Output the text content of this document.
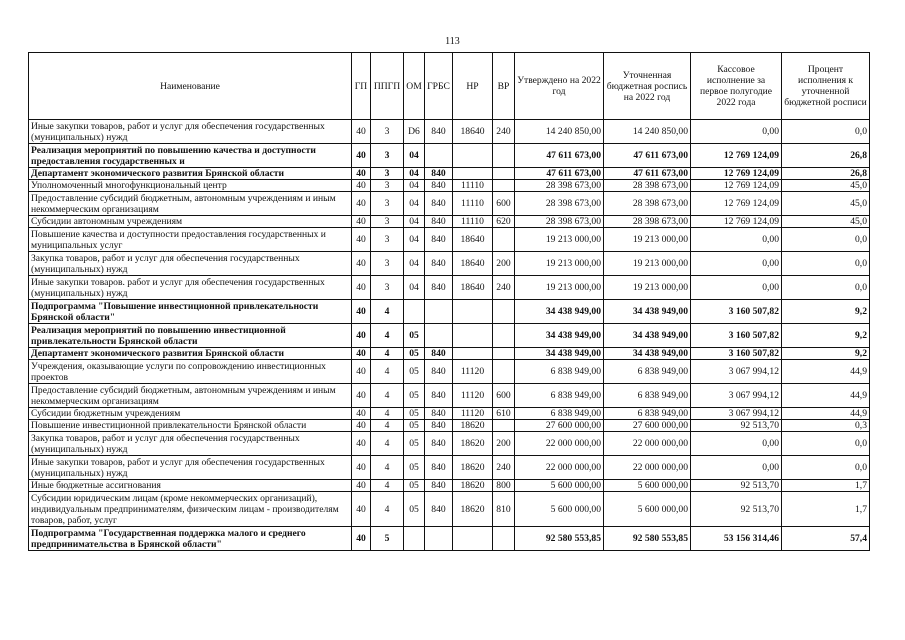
113
Наименование	ГП	ППГП	ОМ	ГРБС	НР	ВР	Утверждено на 2022 год	Уточненная бюджетная роспись на 2022 год	Кассовое исполнение за первое полугодие 2022 года	Процент исполнения к уточненной бюджетной росписи
Иные закупки товаров, работ и услуг для обеспечения государственных (муниципальных) нужд	40	3	D6	840	18640	240	14 240 850,00	14 240 850,00	0,00	0,0
Реализация мероприятий по повышению качества и доступности предоставления государственных и	40	3	04				47 611 673,00	47 611 673,00	12 769 124,09	26,8
Департамент экономического развития Брянской области	40	3	04	840			47 611 673,00	47 611 673,00	12 769 124,09	26,8
Уполномоченный многофункциональный центр	40	3	04	840	11110		28 398 673,00	28 398 673,00	12 769 124,09	45,0
Предоставление субсидий бюджетным, автономным учреждениям и иным некоммерческим организациям	40	3	04	840	11110	600	28 398 673,00	28 398 673,00	12 769 124,09	45,0
Субсидии автономным учреждениям	40	3	04	840	11110	620	28 398 673,00	28 398 673,00	12 769 124,09	45,0
Повышение качества и доступности предоставления государственных и муниципальных услуг	40	3	04	840	18640		19 213 000,00	19 213 000,00	0,00	0,0
Закупка товаров, работ и услуг для обеспечения государственных (муниципальных) нужд	40	3	04	840	18640	200	19 213 000,00	19 213 000,00	0,00	0,0
Иные закупки товаров. работ и услуг для обеспечения государственных (муниципальных) нужд	40	3	04	840	18640	240	19 213 000,00	19 213 000,00	0,00	0,0
Подпрограмма "Повышение инвестиционной привлекательности Брянской области"	40	4					34 438 949,00	34 438 949,00	3 160 507,82	9,2
Реализация мероприятий по повышению инвестиционной привлекательности Брянской области	40	4	05				34 438 949,00	34 438 949,00	3 160 507,82	9,2
Департамент экономического развития Брянской области	40	4	05	840			34 438 949,00	34 438 949,00	3 160 507,82	9,2
Учреждения, оказывающие услуги по сопровождению инвестиционных проектов	40	4	05	840	11120		6 838 949,00	6 838 949,00	3 067 994,12	44,9
Предоставление субсидий бюджетным, автономным учреждениям и иным некоммерческим организациям	40	4	05	840	11120	600	6 838 949,00	6 838 949,00	3 067 994,12	44,9
Субсидии бюджетным учреждениям	40	4	05	840	11120	610	6 838 949,00	6 838 949,00	3 067 994,12	44,9
Повышение инвестиционной привлекательности Брянской области	40	4	05	840	18620		27 600 000,00	27 600 000,00	92 513,70	0,3
Закупка товаров, работ и услуг для обеспечения государственных (муниципальных) нужд	40	4	05	840	18620	200	22 000 000,00	22 000 000,00	0,00	0,0
Иные закупки товаров, работ и услуг для обеспечения государственных (муниципальных) нужд	40	4	05	840	18620	240	22 000 000,00	22 000 000,00	0,00	0,0
Иные бюджетные ассигнования	40	4	05	840	18620	800	5 600 000,00	5 600 000,00	92 513,70	1,7
Субсидии юридическим лицам (кроме некоммерческих организаций), индивидуальным предпринимателям, физическим лицам - производителям товаров, работ, услуг	40	4	05	840	18620	810	5 600 000,00	5 600 000,00	92 513,70	1,7
Подпрограмма "Государственная поддержка малого и среднего предпринимательства в Брянской области"	40	5					92 580 553,85	92 580 553,85	53 156 314,46	57,4
